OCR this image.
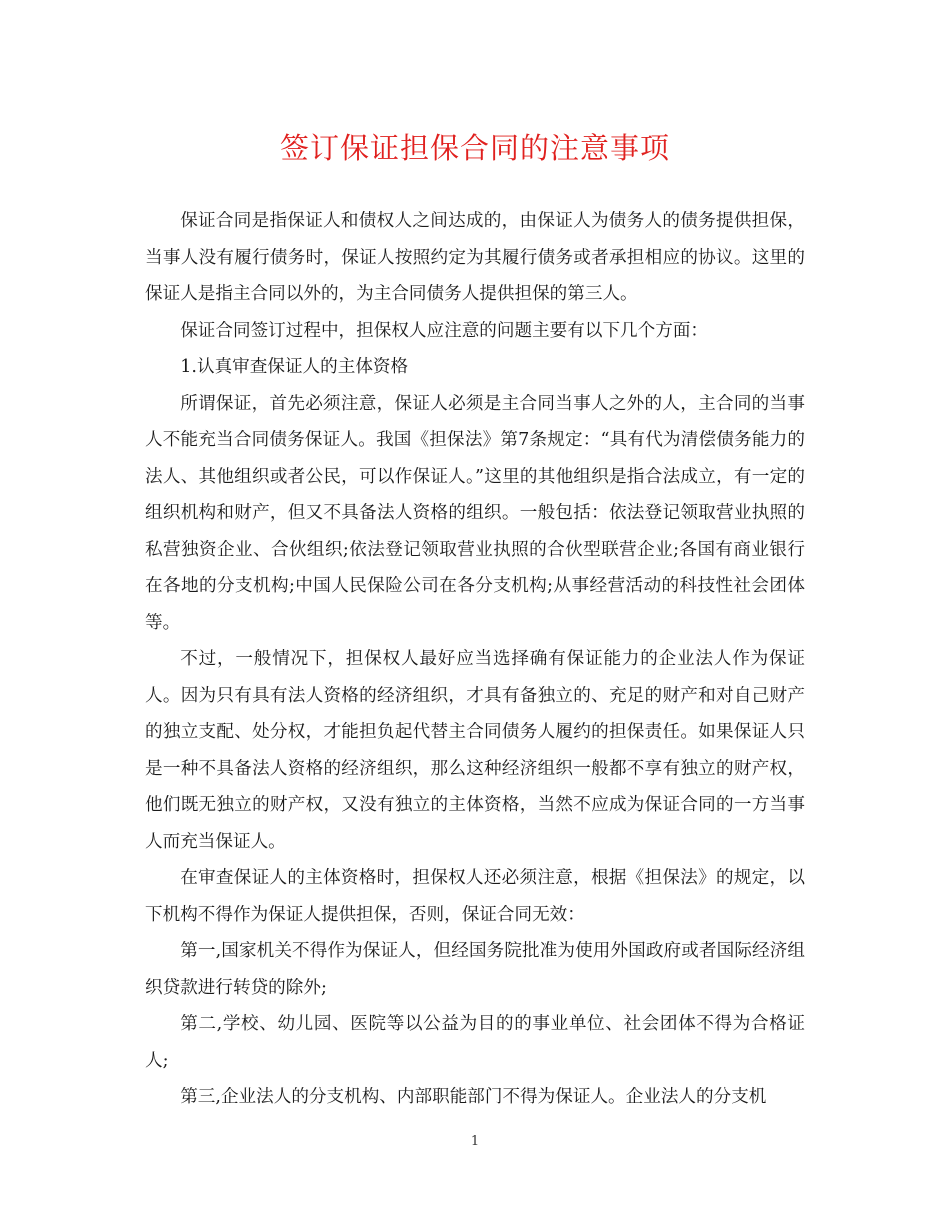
签订保证担保合同的注意事项

保证合同是指保证人和债权人之间达成的，由保证人为债务人的债务提供担保，当事人没有履行债务时，保证人按照约定为其履行债务或者承担相应的协议。这里的保证人是指主合同以外的，为主合同债务人提供担保的第三人。

保证合同签订过程中，担保权人应注意的问题主要有以下几个方面：

1.认真审查保证人的主体资格

所谓保证，首先必须注意，保证人必须是主合同当事人之外的人，主合同的当事人不能充当合同债务保证人。我国《担保法》第7条规定：“具有代为清偿债务能力的法人、其他组织或者公民，可以作保证人。”这里的其他组织是指合法成立，有一定的组织机构和财产，但又不具备法人资格的组织。一般包括：依法登记领取营业执照的私营独资企业、合伙组织;依法登记领取营业执照的合伙型联营企业;各国有商业银行在各地的分支机构;中国人民保险公司在各分支机构;从事经营活动的科技性社会团体等。

不过，一般情况下，担保权人最好应当选择确有保证能力的企业法人作为保证人。因为只有具有法人资格的经济组织，才具有备独立的、充足的财产和对自己财产的独立支配、处分权，才能担负起代替主合同债务人履约的担保责任。如果保证人只是一种不具备法人资格的经济组织，那么这种经济组织一般都不享有独立的财产权，他们既无独立的财产权，又没有独立的主体资格，当然不应成为保证合同的一方当事人而充当保证人。

在审查保证人的主体资格时，担保权人还必须注意，根据《担保法》的规定，以下机构不得作为保证人提供担保，否则，保证合同无效：

第一,国家机关不得作为保证人，但经国务院批准为使用外国政府或者国际经济组织贷款进行转贷的除外;

第二,学校、幼儿园、医院等以公益为目的的事业单位、社会团体不得为合格证人;

第三,企业法人的分支机构、内部职能部门不得为保证人。企业法人的分支机

1
